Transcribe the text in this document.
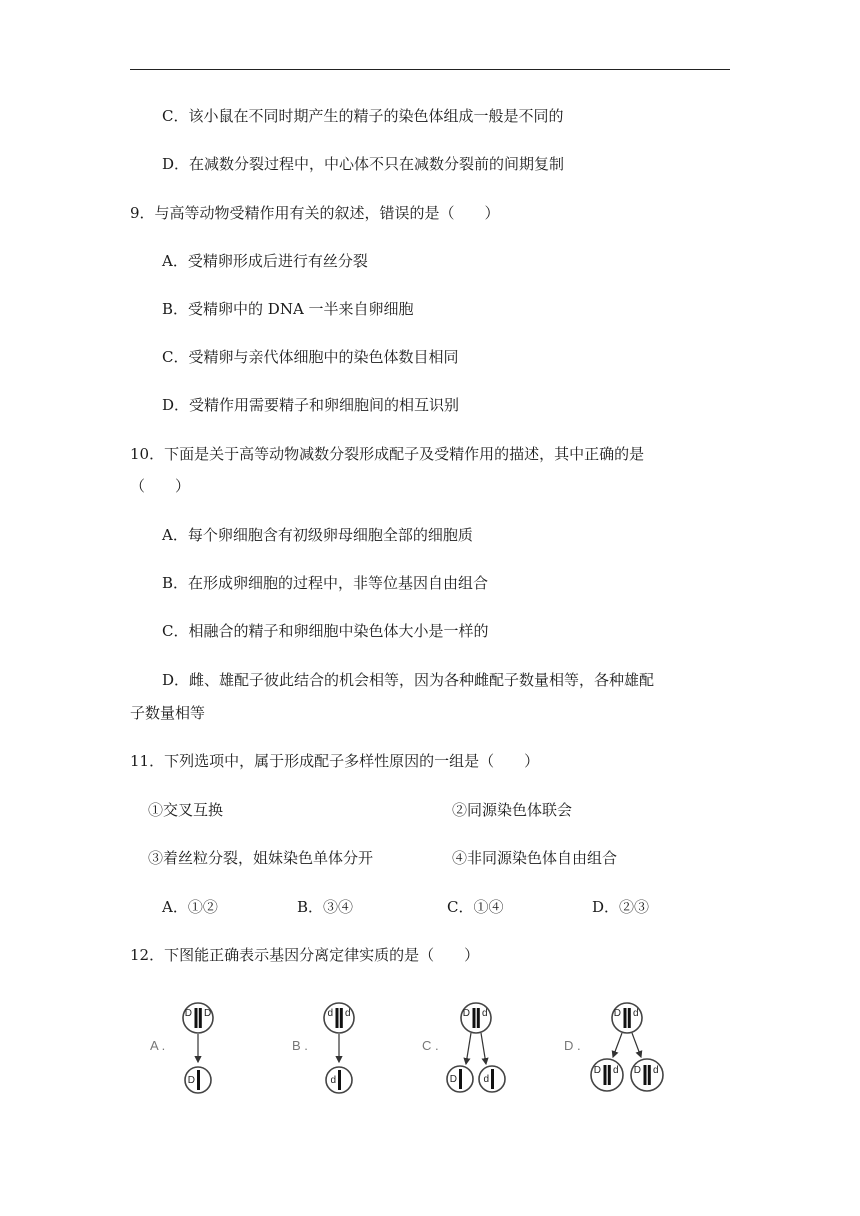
C．该小鼠在不同时期产生的精子的染色体组成一般是不同的
D．在减数分裂过程中，中心体不只在减数分裂前的间期复制
9．与高等动物受精作用有关的叙述，错误的是（　　）
A．受精卵形成后进行有丝分裂
B．受精卵中的 DNA 一半来自卵细胞
C．受精卵与亲代体细胞中的染色体数目相同
D．受精作用需要精子和卵细胞间的相互识别
10．下面是关于高等动物减数分裂形成配子及受精作用的描述，其中正确的是
（　　）
A．每个卵细胞含有初级卵母细胞全部的细胞质
B．在形成卵细胞的过程中，非等位基因自由组合
C．相融合的精子和卵细胞中染色体大小是一样的
D．雌、雄配子彼此结合的机会相等，因为各种雌配子数量相等，各种雄配
子数量相等
11．下列选项中，属于形成配子多样性原因的一组是（　　）
①交叉互换	②同源染色体联会
③着丝粒分裂，姐妹染色单体分开	④非同源染色体自由组合
A．①②	B．③④	C．①④	D．②③
12．下图能正确表示基因分离定律实质的是（　　）
A .
D D
D
B .
d d
d
C .
D d
D	d
D .
D d
D d D d
